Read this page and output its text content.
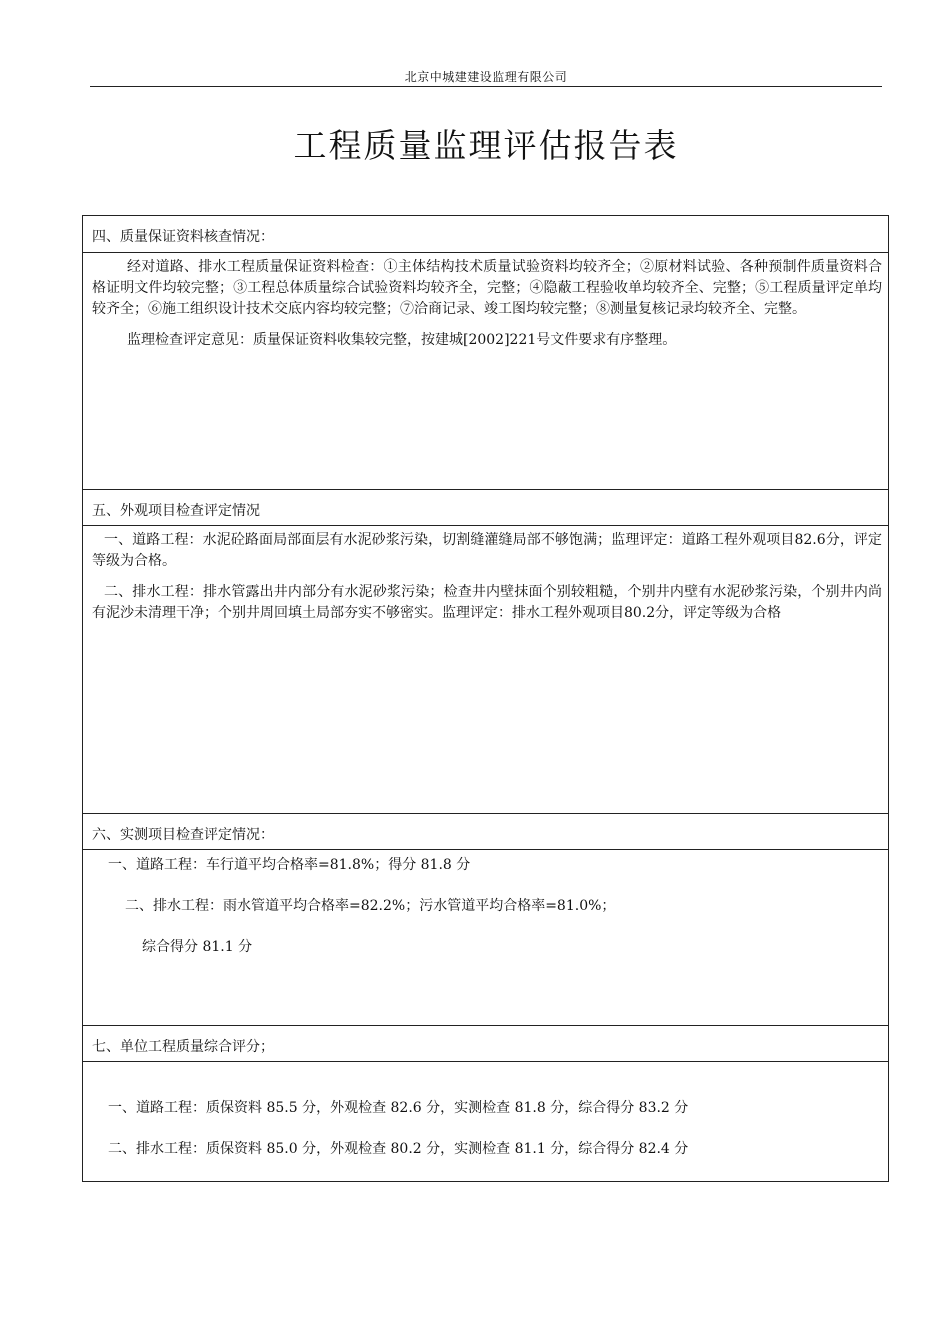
北京中城建建设监理有限公司
工程质量监理评估报告表
四、质量保证资料核查情况：

经对道路、排水工程质量保证资料检查：①主体结构技术质量试验资料均较齐全；②原材料试验、各种预制件质量资料合格证明文件均较完整；③工程总体质量综合试验资料均较齐全，完整；④隐蔽工程验收单均较齐全、完整；⑤工程质量评定单均较齐全；⑥施工组织设计技术交底内容均较完整；⑦洽商记录、竣工图均较完整；⑧测量复核记录均较齐全、完整。

监理检查评定意见：质量保证资料收集较完整，按建城[2002]221号文件要求有序整理。

五、外观项目检查评定情况

一、道路工程：水泥砼路面局部面层有水泥砂浆污染，切割缝灌缝局部不够饱满；监理评定：道路工程外观项目82.6分，评定等级为合格。

二、排水工程：排水管露出井内部分有水泥砂浆污染；检查井内壁抹面个别较粗糙，个别井内壁有水泥砂浆污染，个别井内尚有泥沙未清理干净；个别井周回填土局部夯实不够密实。监理评定：排水工程外观项目80.2分，评定等级为合格

六、实测项目检查评定情况：

一、道路工程：车行道平均合格率=81.8%；得分 81.8 分

二、排水工程：雨水管道平均合格率=82.2%；污水管道平均合格率=81.0%；

综合得分 81.1 分

七、单位工程质量综合评分；

一、道路工程：质保资料 85.5 分，外观检查 82.6 分，实测检查 81.8 分，综合得分 83.2 分

二、排水工程：质保资料 85.0 分，外观检查 80.2 分，实测检查 81.1 分，综合得分 82.4 分
